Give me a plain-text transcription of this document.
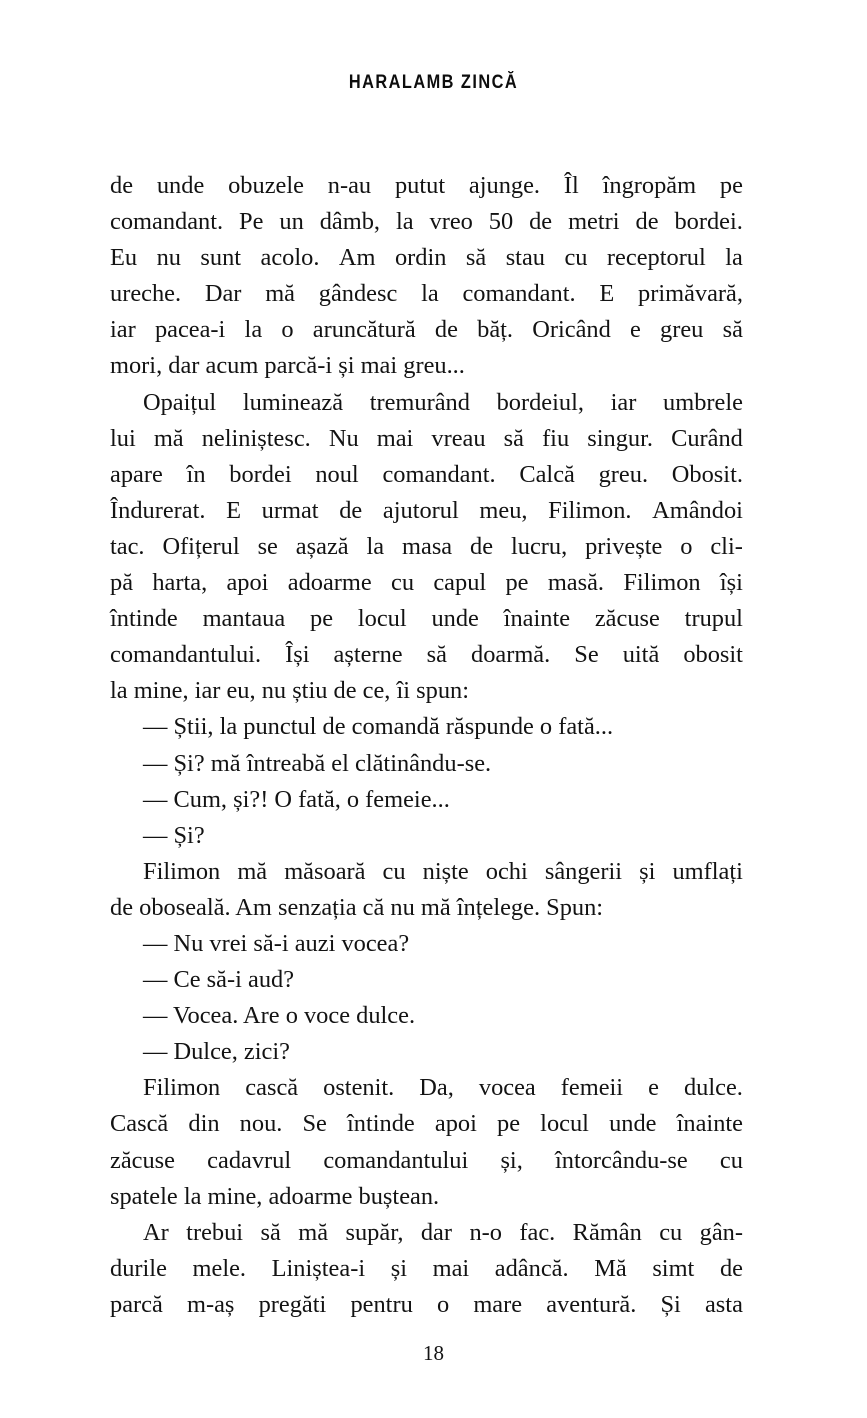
HARALAMB ZINCĂ

de unde obuzele n-au putut ajunge. Îl îngropăm pe
comandant. Pe un dâmb, la vreo 50 de metri de bordei.
Eu nu sunt acolo. Am ordin să stau cu receptorul la
ureche. Dar mă gândesc la comandant. E primăvară,
iar pacea-i la o aruncătură de băț. Oricând e greu să
mori, dar acum parcă-i și mai greu...

Opaițul luminează tremurând bordeiul, iar umbrele
lui mă neliniștesc. Nu mai vreau să fiu singur. Curând
apare în bordei noul comandant. Calcă greu. Obosit.
Îndurerat. E urmat de ajutorul meu, Filimon. Amândoi
tac. Ofițerul se așază la masa de lucru, privește o cli-
pă harta, apoi adoarme cu capul pe masă. Filimon își
întinde mantaua pe locul unde înainte zăcuse trupul
comandantului. Își așterne să doarmă. Se uită obosit
la mine, iar eu, nu știu de ce, îi spun:

— Știi, la punctul de comandă răspunde o fată...

— Și? mă întreabă el clătinându-se.

— Cum, și?! O fată, o femeie...

— Și?

Filimon mă măsoară cu niște ochi sângerii și umflați
de oboseală. Am senzația că nu mă înțelege. Spun:

— Nu vrei să-i auzi vocea?

— Ce să-i aud?

— Vocea. Are o voce dulce.

— Dulce, zici?

Filimon cască ostenit. Da, vocea femeii e dulce.
Cască din nou. Se întinde apoi pe locul unde înainte
zăcuse cadavrul comandantului și, întorcându-se cu
spatele la mine, adoarme buștean.

Ar trebui să mă supăr, dar n-o fac. Rămân cu gân-
durile mele. Liniștea-i și mai adâncă. Mă simt de
parcă m-aș pregăti pentru o mare aventură. Și asta

18
